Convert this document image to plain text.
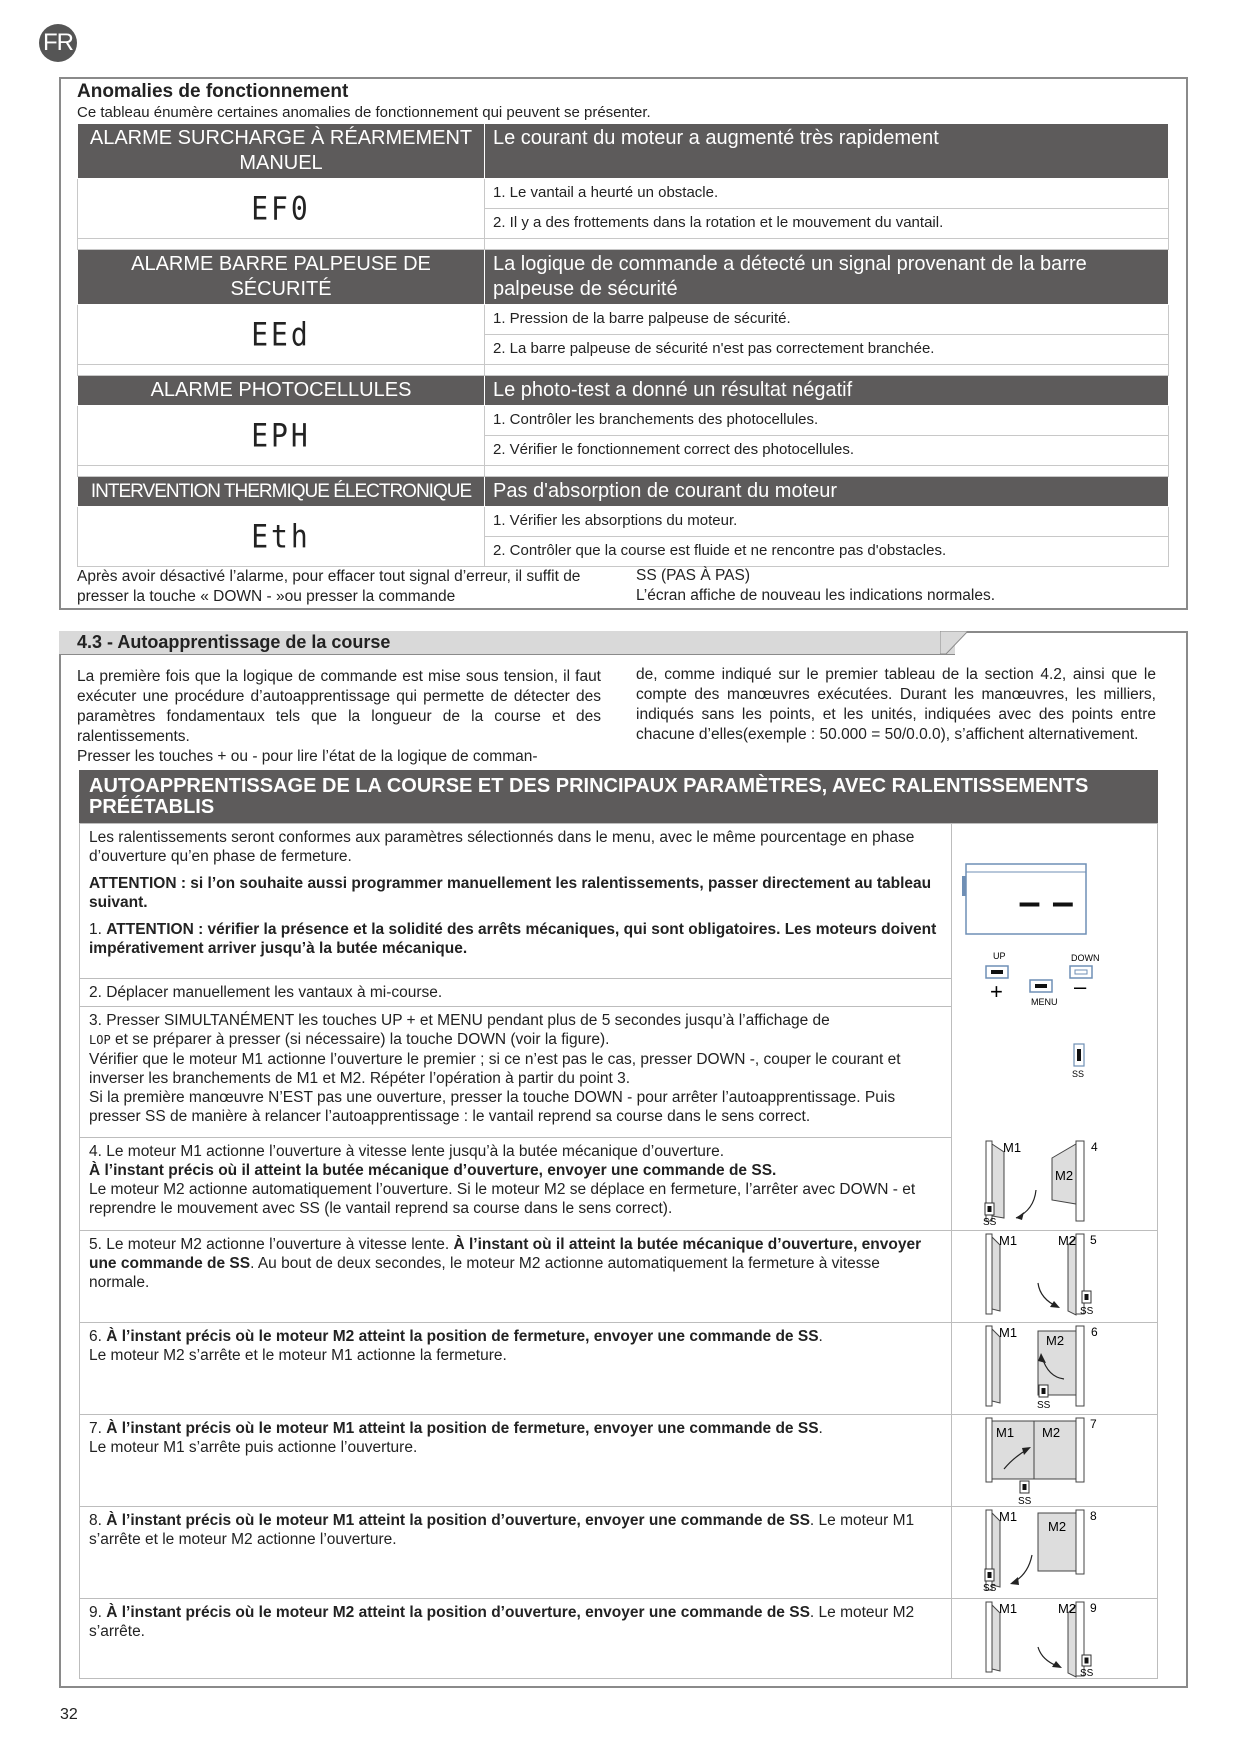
FR
Anomalies de fonctionnement
Ce tableau énumère certaines anomalies de fonctionnement qui peuvent se présenter.
ALARME SURCHARGE À RÉARMEMENT MANUEL	Le courant du moteur a augmenté très rapidement
EF0	1. Le vantail a heurté un obstacle.
	2. Il y a des frottements dans la rotation et le mouvement du vantail.

ALARME BARRE PALPEUSE DE SÉCURITÉ	La logique de commande a détecté un signal provenant de la barre palpeuse de sécurité
EEd	1. Pression de la barre palpeuse de sécurité.
	2. La barre palpeuse de sécurité n'est pas correctement branchée.

ALARME PHOTOCELLULES	Le photo-test a donné un résultat négatif
EPH	1. Contrôler les branchements des photocellules.
	2. Vérifier le fonctionnement correct des photocellules.

INTERVENTION THERMIQUE ÉLECTRONIQUE	Pas d'absorption de courant du moteur
Eth	1. Vérifier les absorptions du moteur.
	2. Contrôler que la course est fluide et ne rencontre pas d'obstacles.
Après avoir désactivé l’alarme, pour effacer tout signal d’erreur, il suffit de presser la touche « DOWN - »ou presser la commande
SS (PAS À PAS)
L’écran affiche de nouveau les indications normales.
4.3 - Autoapprentissage de la course
La première fois que la logique de commande est mise sous tension, il faut exécuter une procédure d’autoapprentissage qui permette de détecter des paramètres fondamentaux tels que la longueur de la course et des ralentissements.
Presser les touches + ou - pour lire l’état de la logique de comman-
de, comme indiqué sur le premier tableau de la section 4.2, ainsi que le compte des manœuvres exécutées. Durant les manœuvres, les milliers, indiqués sans les points, et les unités, indiquées avec des points entre chacune d’elles(exemple : 50.000 = 50/0.0.0), s’affichent alternativement.
AUTOAPPRENTISSAGE DE LA COURSE ET DES PRINCIPAUX PARAMÈTRES, AVEC RALENTISSEMENTS PRÉÉTABLIS

Les ralentissements seront conformes aux paramètres sélectionnés dans le menu, avec le même pourcentage en phase d’ouverture qu’en phase de fermeture.

ATTENTION : si l’on souhaite aussi programmer manuellement les ralentissements, passer directement au tableau suivant.

1. ATTENTION : vérifier la présence et la solidité des arrêts mécaniques, qui sont obligatoires. Les moteurs doivent impérativement arriver jusqu’à la butée mécanique.

2. Déplacer manuellement les vantaux à mi-course.
3. Presser SIMULTANÉMENT les touches UP + et MENU pendant plus de 5 secondes jusqu’à l’affichage de
LOP et se préparer à presser (si nécessaire) la touche DOWN (voir la figure).
Vérifier que le moteur M1 actionne l’ouverture le premier ; si ce n’est pas le cas, presser DOWN -, couper le courant et inverser les branchements de M1 et M2. Répéter l’opération à partir du point 3.
Si la première manœuvre N’EST pas une ouverture, presser la touche DOWN - pour arrêter l’autoapprentissage. Puis presser SS de manière à relancer l’autoapprentissage : le vantail reprend sa course dans le sens correct.
– –
UP	DOWN
+	–
MENU
SS
4. Le moteur M1 actionne l’ouverture à vitesse lente jusqu’à la butée mécanique d’ouverture.
À l’instant précis où il atteint la butée mécanique d’ouverture, envoyer une commande de SS.
Le moteur M2 actionne automatiquement l’ouverture. Si le moteur M2 se déplace en fermeture, l’arrêter avec DOWN - et reprendre le mouvement avec SS (le vantail reprend sa course dans le sens correct).
M1
M2
4
SS
5. Le moteur M2 actionne l’ouverture à vitesse lente. À l’instant où il atteint la butée mécanique d’ouverture, envoyer une commande de SS. Au bout de deux secondes, le moteur M2 actionne automatiquement la fermeture à vitesse normale.
M1	M2 5
SS
6. À l’instant précis où le moteur M2 atteint la position de fermeture, envoyer une commande de SS.
Le moteur M2 s’arrête et le moteur M1 actionne la fermeture.
M1
M2
6
SS
7. À l’instant précis où le moteur M1 atteint la position de fermeture, envoyer une commande de SS.
Le moteur M1 s’arrête puis actionne l’ouverture.
M1 M2
7
SS
8. À l’instant précis où le moteur M1 atteint la position d’ouverture, envoyer une commande de SS. Le moteur M1 s’arrête et le moteur M2 actionne l’ouverture.
M1
M2
8
SS
9. À l’instant précis où le moteur M2 atteint la position d’ouverture, envoyer une commande de SS. Le moteur M2 s’arrête.
M1	M2 9
SS
32
